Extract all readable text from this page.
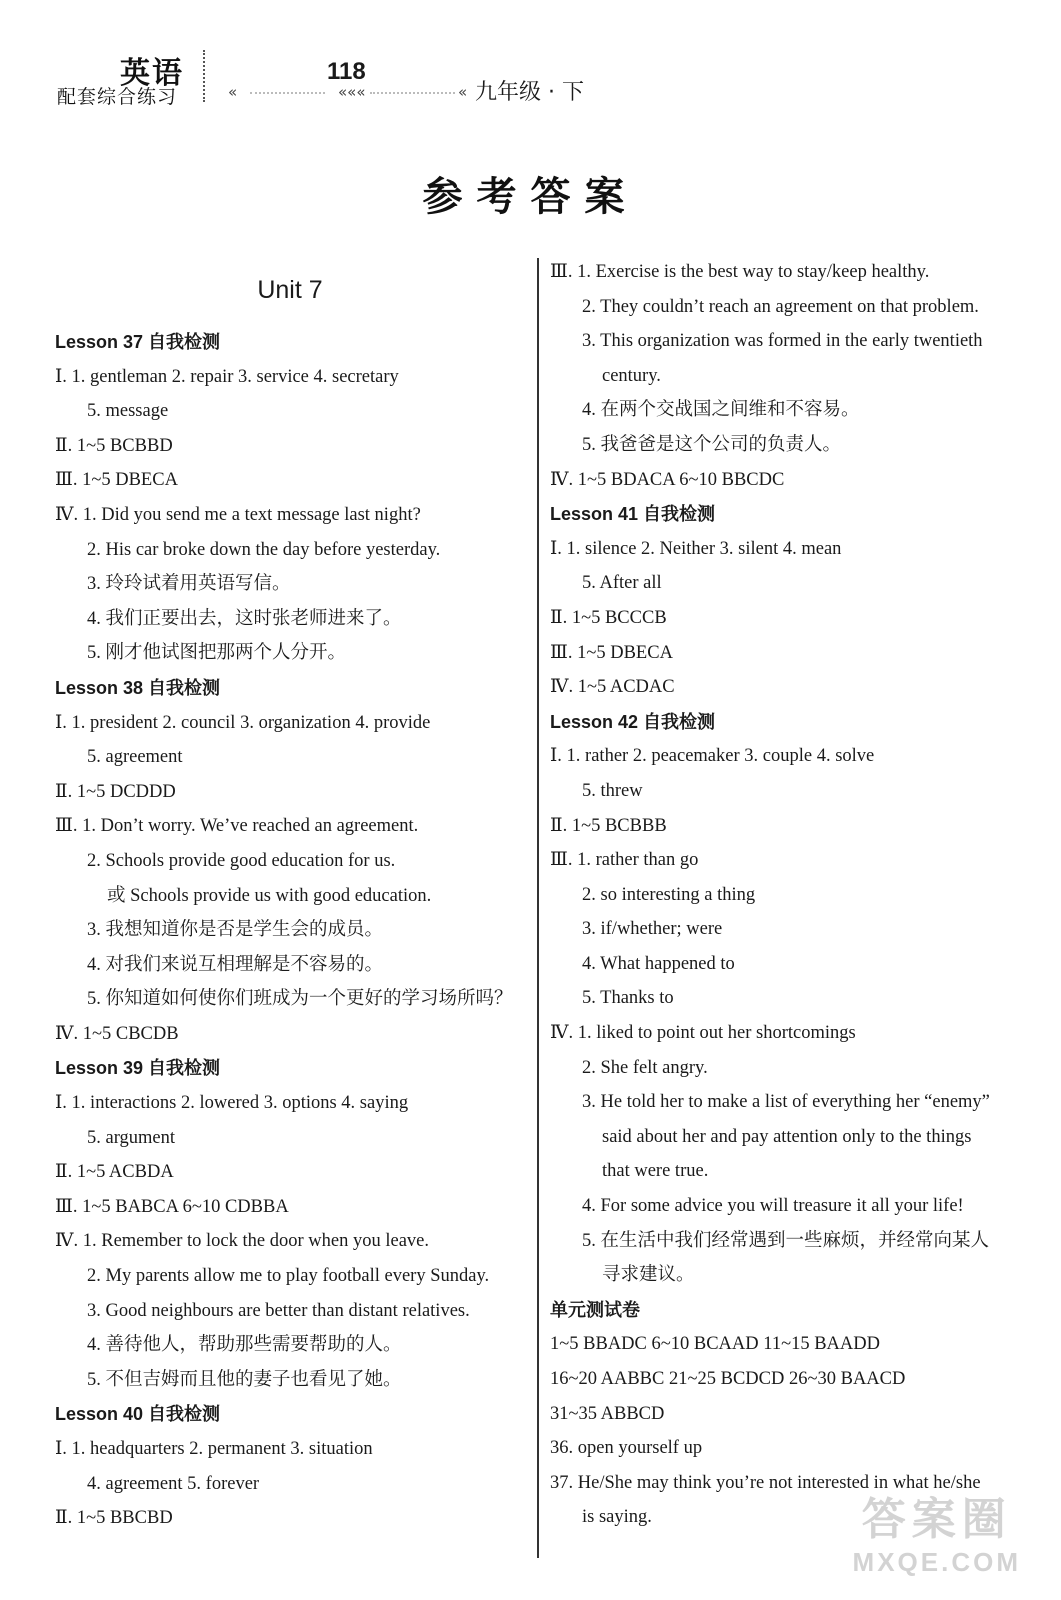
英语
配套综合练习	«
118
«««	« 九年级 · 下
参考答案
Unit 7
Lesson 37 自我检测
Ⅰ. 1. gentleman 2. repair 3. service 4. secretary
5. message
Ⅱ. 1~5 BCBBD
Ⅲ. 1~5 DBECA
Ⅳ. 1. Did you send me a text message last night?
2. His car broke down the day before yesterday.
3. 玲玲试着用英语写信。
4. 我们正要出去，这时张老师进来了。
5. 刚才他试图把那两个人分开。
Lesson 38 自我检测
Ⅰ. 1. president 2. council 3. organization 4. provide
5. agreement
Ⅱ. 1~5 DCDDD
Ⅲ. 1. Don’t worry. We’ve reached an agreement.
2. Schools provide good education for us.
或 Schools provide us with good education.
3. 我想知道你是否是学生会的成员。
4. 对我们来说互相理解是不容易的。
5. 你知道如何使你们班成为一个更好的学习场所吗？
Ⅳ. 1~5 CBCDB
Lesson 39 自我检测
Ⅰ. 1. interactions 2. lowered 3. options 4. saying
5. argument
Ⅱ. 1~5 ACBDA
Ⅲ. 1~5 BABCA 6~10 CDBBA
Ⅳ. 1. Remember to lock the door when you leave.
2. My parents allow me to play football every Sunday.
3. Good neighbours are better than distant relatives.
4. 善待他人，帮助那些需要帮助的人。
5. 不但吉姆而且他的妻子也看见了她。
Lesson 40 自我检测
Ⅰ. 1. headquarters 2. permanent 3. situation
4. agreement 5. forever
Ⅱ. 1~5 BBCBD
Ⅲ. 1. Exercise is the best way to stay/keep healthy.
2. They couldn’t reach an agreement on that problem.
3. This organization was formed in the early twentieth
century.
4. 在两个交战国之间维和不容易。
5. 我爸爸是这个公司的负责人。
Ⅳ. 1~5 BDACA 6~10 BBCDC
Lesson 41 自我检测
Ⅰ. 1. silence 2. Neither 3. silent 4. mean
5. After all
Ⅱ. 1~5 BCCCB
Ⅲ. 1~5 DBECA
Ⅳ. 1~5 ACDAC
Lesson 42 自我检测
Ⅰ. 1. rather 2. peacemaker 3. couple 4. solve
5. threw
Ⅱ. 1~5 BCBBB
Ⅲ. 1. rather than go
2. so interesting a thing
3. if/whether; were
4. What happened to
5. Thanks to
Ⅳ. 1. liked to point out her shortcomings
2. She felt angry.
3. He told her to make a list of everything her “enemy”
said about her and pay attention only to the things
that were true.
4. For some advice you will treasure it all your life!
5. 在生活中我们经常遇到一些麻烦，并经常向某人
寻求建议。
单元测试卷
1~5 BBADC 6~10 BCAAD 11~15 BAADD
16~20 AABBC 21~25 BCDCD 26~30 BAACD
31~35 ABBCD
36. open yourself up
37. He/She may think you’re not interested in what he/she
is saying.	答案圈
MXQE.COM
